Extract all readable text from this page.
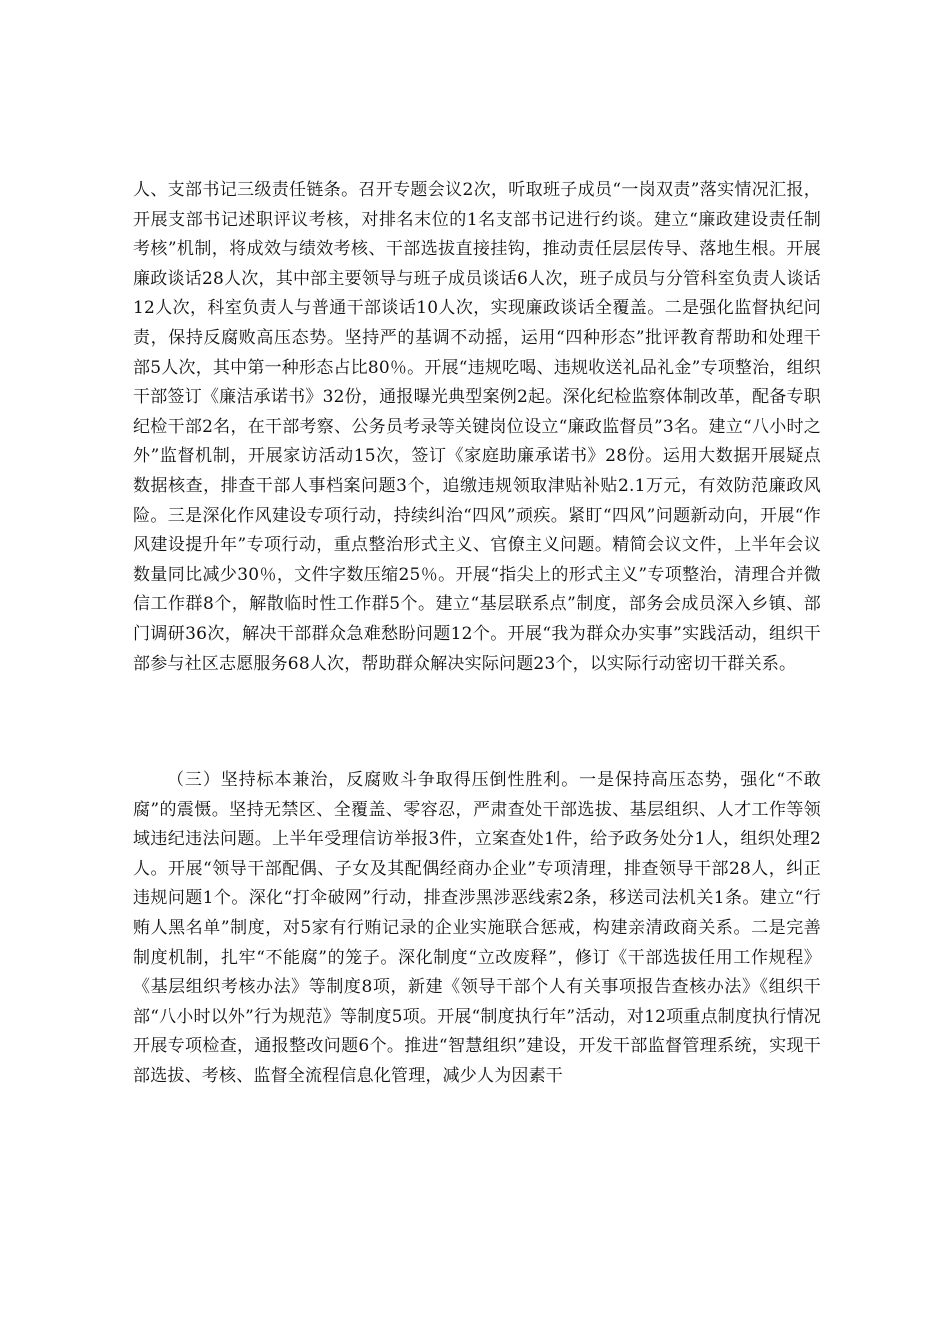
人、支部书记三级责任链条。召开专题会议2次，听取班子成员“一岗双责”落实情况汇报，开展支部书记述职评议考核，对排名末位的1名支部书记进行约谈。建立“廉政建设责任制考核”机制，将成效与绩效考核、干部选拔直接挂钩，推动责任层层传导、落地生根。开展廉政谈话28人次，其中部主要领导与班子成员谈话6人次，班子成员与分管科室负责人谈话12人次，科室负责人与普通干部谈话10人次，实现廉政谈话全覆盖。二是强化监督执纪问责，保持反腐败高压态势。坚持严的基调不动摇，运用“四种形态”批评教育帮助和处理干部5人次，其中第一种形态占比80％。开展“违规吃喝、违规收送礼品礼金”专项整治，组织干部签订《廉洁承诺书》32份，通报曝光典型案例2起。深化纪检监察体制改革，配备专职纪检干部2名，在干部考察、公务员考录等关键岗位设立“廉政监督员”3名。建立“八小时之外”监督机制，开展家访活动15次，签订《家庭助廉承诺书》28份。运用大数据开展疑点数据核查，排查干部人事档案问题3个，追缴违规领取津贴补贴2.1万元，有效防范廉政风险。三是深化作风建设专项行动，持续纠治“四风”顽疾。紧盯“四风”问题新动向，开展“作风建设提升年”专项行动，重点整治形式主义、官僚主义问题。精简会议文件，上半年会议数量同比减少30％，文件字数压缩25％。开展“指尖上的形式主义”专项整治，清理合并微信工作群8个，解散临时性工作群5个。建立“基层联系点”制度，部务会成员深入乡镇、部门调研36次，解决干部群众急难愁盼问题12个。开展“我为群众办实事”实践活动，组织干部参与社区志愿服务68人次，帮助群众解决实际问题23个，以实际行动密切干群关系。

（三）坚持标本兼治，反腐败斗争取得压倒性胜利。一是保持高压态势，强化“不敢腐”的震慑。坚持无禁区、全覆盖、零容忍，严肃查处干部选拔、基层组织、人才工作等领域违纪违法问题。上半年受理信访举报3件，立案查处1件，给予政务处分1人，组织处理2人。开展“领导干部配偶、子女及其配偶经商办企业”专项清理，排查领导干部28人，纠正违规问题1个。深化“打伞破网”行动，排查涉黑涉恶线索2条，移送司法机关1条。建立“行贿人黑名单”制度，对5家有行贿记录的企业实施联合惩戒，构建亲清政商关系。二是完善制度机制，扎牢“不能腐”的笼子。深化制度“立改废释”，修订《干部选拔任用工作规程》《基层组织考核办法》等制度8项，新建《领导干部个人有关事项报告查核办法》《组织干部“八小时以外”行为规范》等制度5项。开展“制度执行年”活动，对12项重点制度执行情况开展专项检查，通报整改问题6个。推进“智慧组织”建设，开发干部监督管理系统，实现干部选拔、考核、监督全流程信息化管理，减少人为因素干
